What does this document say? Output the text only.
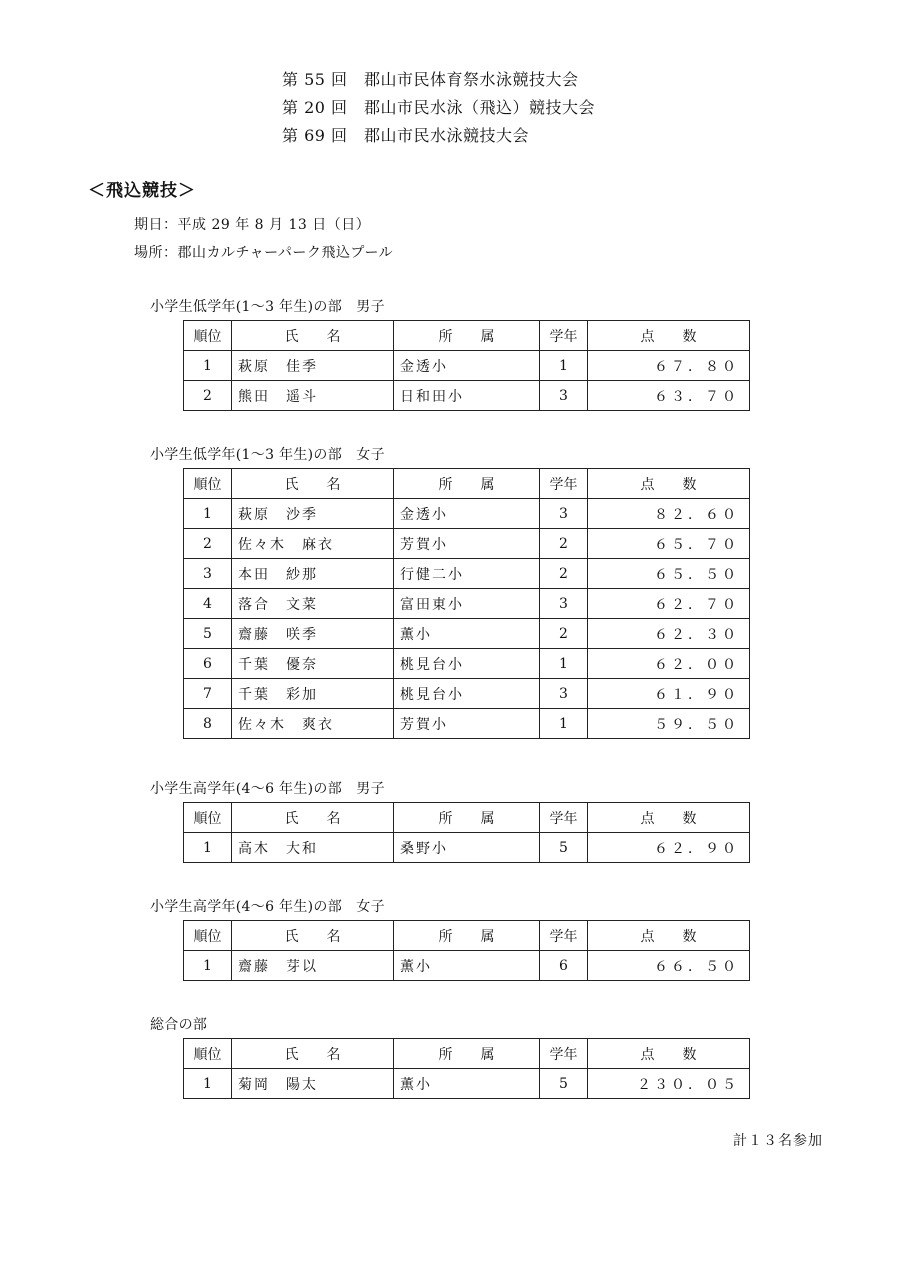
第 55 回　郡山市民体育祭水泳競技大会
第 20 回　郡山市民水泳（飛込）競技大会
第 69 回　郡山市民水泳競技大会
＜飛込競技＞
期日：平成 29 年 8 月 13 日（日）
場所：郡山カルチャーパーク飛込プール
小学生低学年(1～3 年生)の部　男子
順位	氏　　名	所　　属	学年	点　　数
1	萩原　佳季	金透小	1	６７．８０
2	熊田　遥斗	日和田小	3	６３．７０
小学生低学年(1～3 年生)の部　女子
順位	氏　　名	所　　属	学年	点　　数
1	萩原　沙季	金透小	3	８２．６０
2	佐々木　麻衣	芳賀小	2	６５．７０
3	本田　紗那	行健二小	2	６５．５０
4	落合　文菜	富田東小	3	６２．７０
5	齋藤　咲季	薫小	2	６２．３０
6	千葉　優奈	桃見台小	1	６２．００
7	千葉　彩加	桃見台小	3	６１．９０
8	佐々木　爽衣	芳賀小	1	５９．５０
小学生高学年(4～6 年生)の部　男子
順位	氏　　名	所　　属	学年	点　　数
1	高木　大和	桑野小	5	６２．９０
小学生高学年(4～6 年生)の部　女子
順位	氏　　名	所　　属	学年	点　　数
1	齋藤　芽以	薫小	6	６６．５０
総合の部
順位	氏　　名	所　　属	学年	点　　数
1	菊岡　陽太	薫小	5	２３０．０５
計１３名参加
